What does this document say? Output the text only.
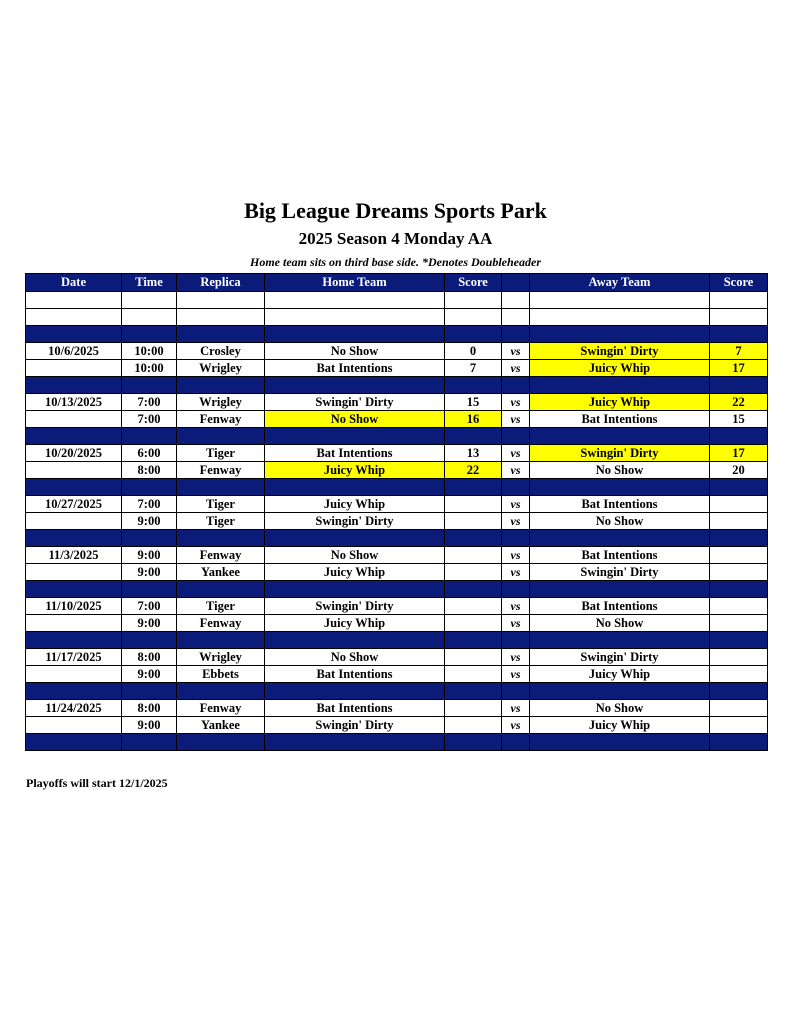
Big League Dreams Sports Park
2025 Season 4 Monday AA
Home team sits on third base side. *Denotes Doubleheader
Date	Time	Replica	Home Team	Score		Away Team	Score

10/6/2025	10:00	Crosley	No Show	0	vs	Swingin' Dirty	7
	10:00	Wrigley	Bat Intentions	7	vs	Juicy Whip	17

10/13/2025	7:00	Wrigley	Swingin' Dirty	15	vs	Juicy Whip	22
	7:00	Fenway	No Show	16	vs	Bat Intentions	15

10/20/2025	6:00	Tiger	Bat Intentions	13	vs	Swingin' Dirty	17
	8:00	Fenway	Juicy Whip	22	vs	No Show	20

10/27/2025	7:00	Tiger	Juicy Whip		vs	Bat Intentions	
	9:00	Tiger	Swingin' Dirty		vs	No Show	

11/3/2025	9:00	Fenway	No Show		vs	Bat Intentions	
	9:00	Yankee	Juicy Whip		vs	Swingin' Dirty	

11/10/2025	7:00	Tiger	Swingin' Dirty		vs	Bat Intentions	
	9:00	Fenway	Juicy Whip		vs	No Show	

11/17/2025	8:00	Wrigley	No Show		vs	Swingin' Dirty	
	9:00	Ebbets	Bat Intentions		vs	Juicy Whip	

11/24/2025	8:00	Fenway	Bat Intentions		vs	No Show	
	9:00	Yankee	Swingin' Dirty		vs	Juicy Whip	

Playoffs will start 12/1/2025
